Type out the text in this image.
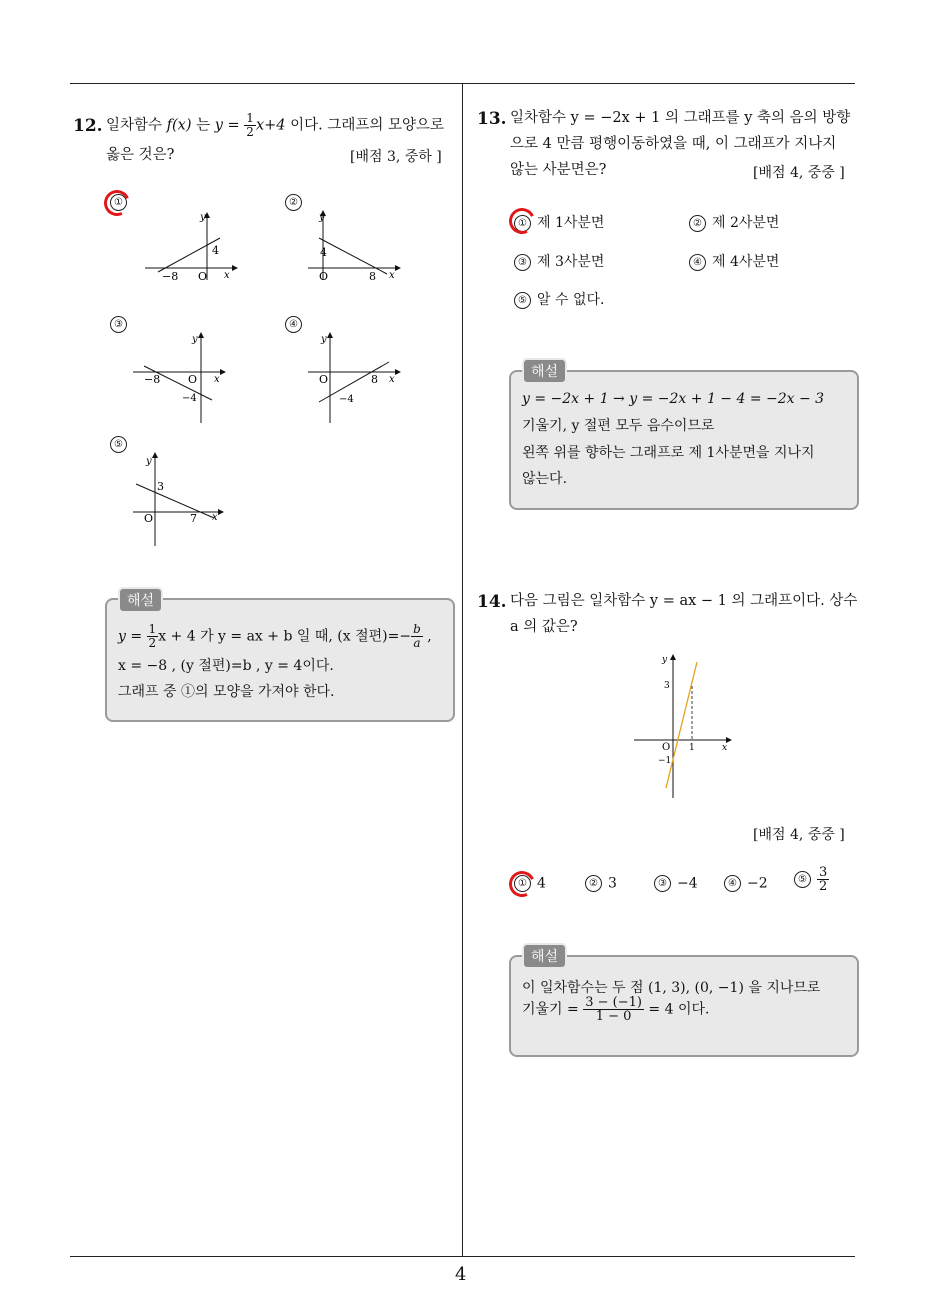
12. 일차함수 f(x) 는 $y = \frac{1}{2} x+4$ 이다. 그래프의 모양으로
옳은 것은?	[배점 3, 중하 ]
①	②
③	④
⑤
y
x
O
−8
4
y
x
O	8
4
y
x
O
−8
−4
y
x
O	8
−4
y
x
O	7
3
해설
$y = \frac{1}{2}$ x + 4 가 y = ax + b 일 때, (x 절편)=− $\frac{b}{a}$ ,
x = −8 , (y 절편)=b , y = 4이다.
그래프 중 ①의 모양을 가져야 한다.
13. 일차함수 y = −2x + 1 의 그래프를 y 축의 음의 방향
으로 4 만큼 평행이동하였을 때, 이 그래프가 지나지
않는 사분면은?	[배점 4, 중중 ]
① 제 1사분면	② 제 2사분면
③ 제 3사분면	④ 제 4사분면
⑤ 알 수 없다.
해설
y = −2x + 1 → y = −2x + 1 − 4 = −2x − 3
기울기, y 절편 모두 음수이므로
왼쪽 위를 향하는 그래프로 제 1사분면을 지나지
않는다.
14. 다음 그림은 일차함수 y = ax − 1 의 그래프이다. 상수
a 의 값은?
y
x
O
3
1
−1
[배점 4, 중중 ]
① 4	② 3	③ −4	④ −2	⑤ $\frac{3}{2}$
해설
이 일차함수는 두 점 (1, 3), (0, −1) 을 지나므로
기울기 = $\frac{3 - (-1)}{1 - 0} = 4$ 이다.
4
